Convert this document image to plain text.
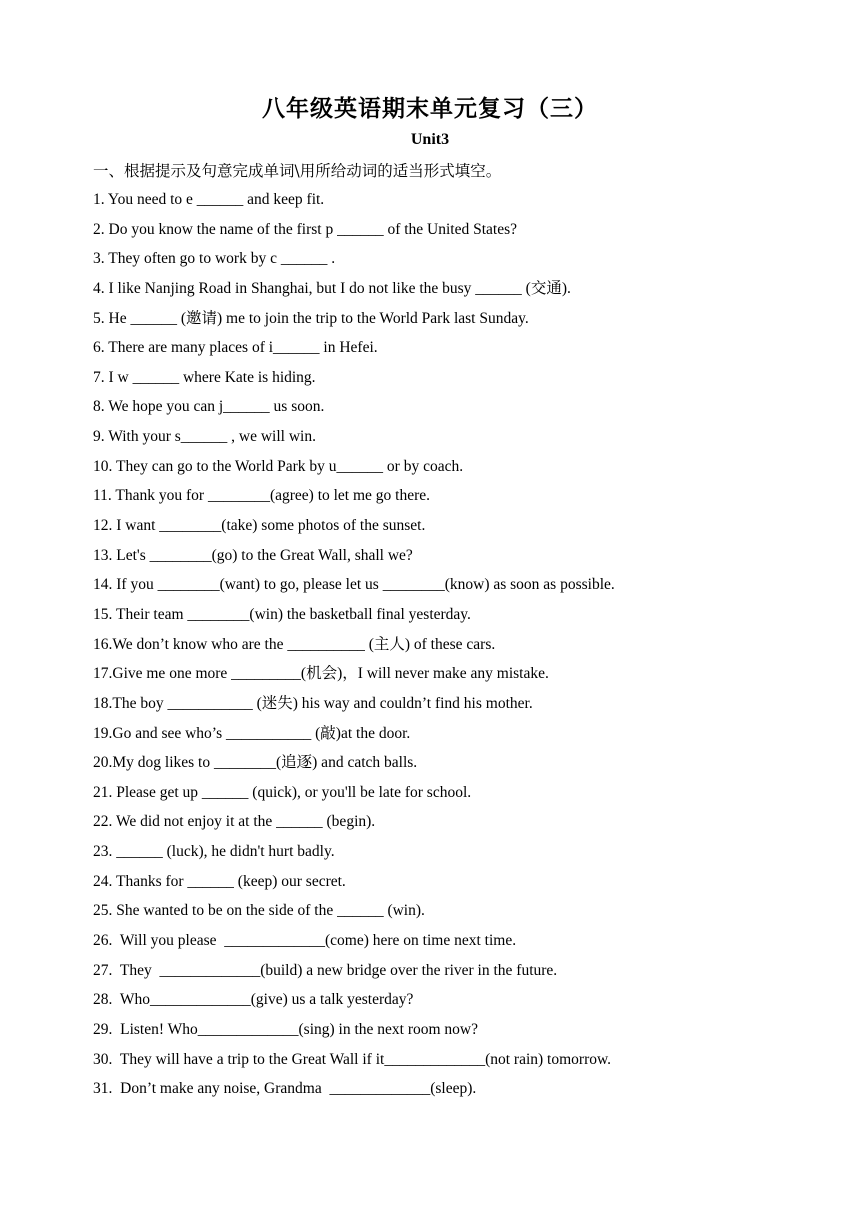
八年级英语期末单元复习（三）
Unit3
一、根据提示及句意完成单词\用所给动词的适当形式填空。
1. You need to e ______ and keep fit.
2. Do you know the name of the first p ______ of the United States?
3. They often go to work by c ______ .
4. I like Nanjing Road in Shanghai, but I do not like the busy ______ (交通).
5. He ______ (邀请) me to join the trip to the World Park last Sunday.
6. There are many places of i______ in Hefei.
7. I w ______ where Kate is hiding.
8. We hope you can j______ us soon.
9. With your s______ , we will win.
10. They can go to the World Park by u______ or by coach.
11. Thank you for ________(agree) to let me go there.
12. I want ________(take) some photos of the sunset.
13. Let's ________(go) to the Great Wall, shall we?
14. If you ________(want) to go, please let us ________(know) as soon as possible.
15. Their team ________(win) the basketball final yesterday.
16.We don’t know who are the __________ (主人) of these cars.
17.Give me one more _________(机会)，I will never make any mistake.
18.The boy ___________ (迷失) his way and couldn’t find his mother.
19.Go and see who’s ___________ (敲)at the door.
20.My dog likes to ________(追逐) and catch balls.
21. Please get up ______ (quick), or you'll be late for school.
22. We did not enjoy it at the ______ (begin).
23. ______ (luck), he didn't hurt badly.
24. Thanks for ______ (keep) our secret.
25. She wanted to be on the side of the ______ (win).
26.  Will you please  _____________(come) here on time next time.
27.  They  _____________(build) a new bridge over the river in the future.
28.  Who_____________(give) us a talk yesterday?
29.  Listen! Who_____________(sing) in the next room now?
30.  They will have a trip to the Great Wall if it_____________(not rain) tomorrow.
31.  Don’t make any noise, Grandma  _____________(sleep).
